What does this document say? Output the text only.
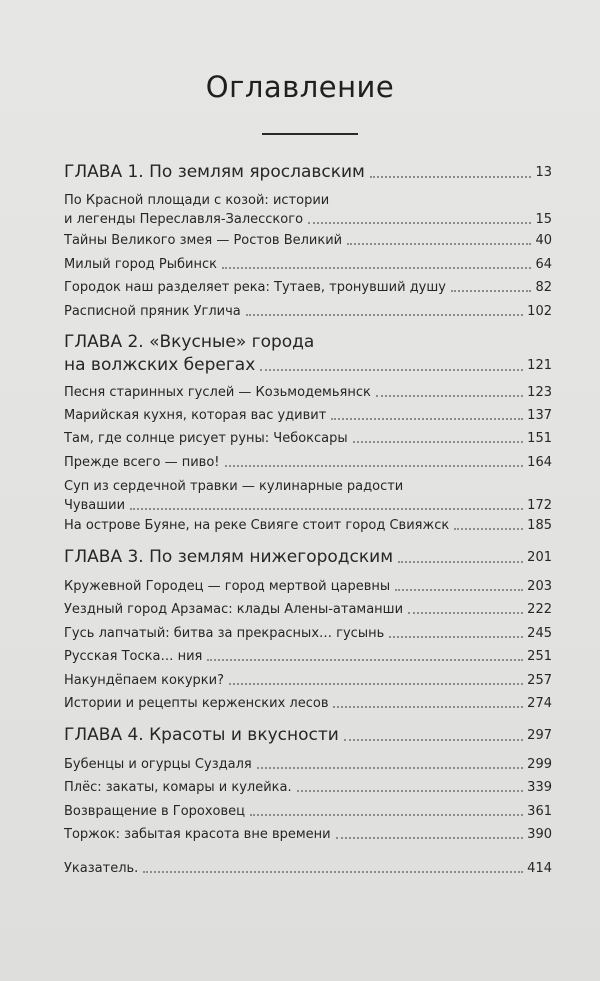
Оглавление
ГЛАВА 1. По землям ярославским	13
По Красной площади с козой: истории
и легенды Переславля-Залесского	15
Тайны Великого змея — Ростов Великий	40
Милый город Рыбинск	64
Городок наш разделяет река: Тутаев, тронувший душу	82
Расписной пряник Углича	102
ГЛАВА 2. «Вкусные» города
на волжских берегах	121
Песня старинных гуслей — Козьмодемьянск	123
Марийская кухня, которая вас удивит	137
Там, где солнце рисует руны: Чебоксары	151
Прежде всего — пиво!	164
Суп из сердечной травки — кулинарные радости
Чувашии	172
На острове Буяне, на реке Свияге стоит город Свияжск	185
ГЛАВА 3. По землям нижегородским	201
Кружевной Городец — город мертвой царевны	203
Уездный город Арзамас: клады Алены-атаманши	222
Гусь лапчатый: битва за прекрасных… гусынь	245
Русская Тоска… ния	251
Накундёпаем кокурки?	257
Истории и рецепты керженских лесов	274
ГЛАВА 4. Красоты и вкусности	297
Бубенцы и огурцы Суздаля	299
Плёс: закаты, комары и кулейка.	339
Возвращение в Гороховец	361
Торжок: забытая красота вне времени	390
Указатель.	414
